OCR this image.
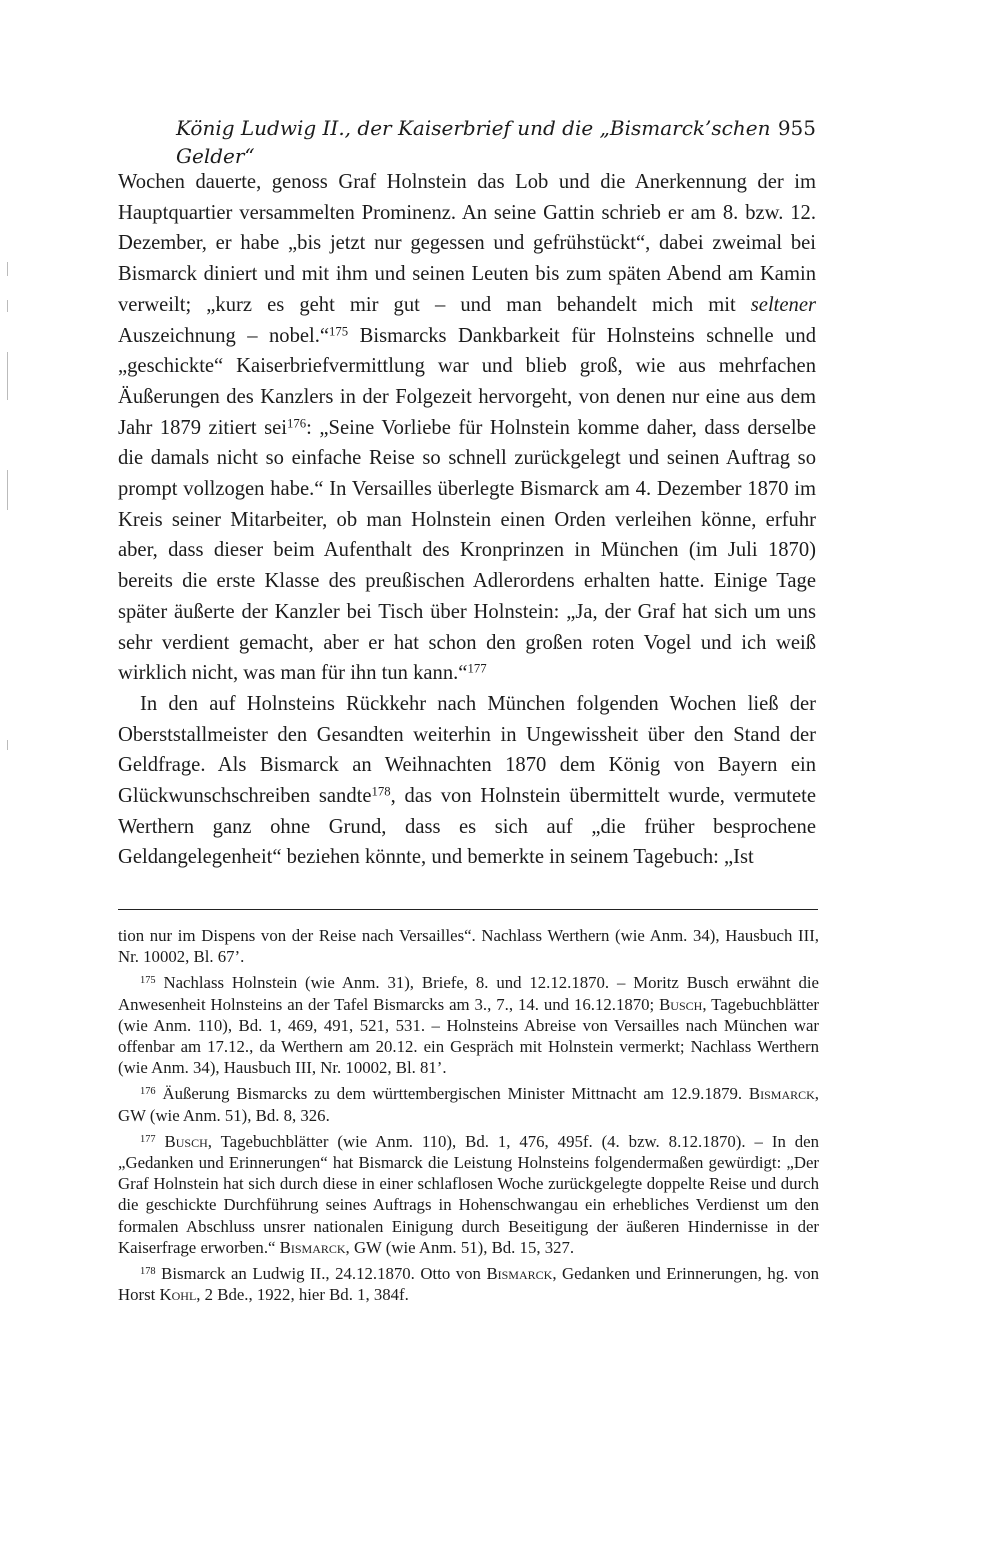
König Ludwig II., der Kaiserbrief und die „Bismarck’schen Gelder“
955

Wochen dauerte, genoss Graf Holnstein das Lob und die Anerkennung der im Hauptquartier versammelten Prominenz. An seine Gattin schrieb er am 8. bzw. 12. Dezember, er habe „bis jetzt nur gegessen und gefrühstückt“, dabei zweimal bei Bismarck diniert und mit ihm und seinen Leuten bis zum späten Abend am Kamin verweilt; „kurz es geht mir gut – und man behandelt mich mit seltener Auszeichnung – nobel.“$^{175}$ Bismarcks Dankbarkeit für Holnsteins schnelle und „geschickte“ Kaiserbriefvermittlung war und blieb groß, wie aus mehrfachen Äußerungen des Kanzlers in der Folgezeit hervorgeht, von denen nur eine aus dem Jahr 1879 zitiert sei$^{176}$: „Seine Vorliebe für Holnstein komme daher, dass derselbe die damals nicht so einfache Reise so schnell zurückgelegt und seinen Auftrag so prompt vollzogen habe.“ In Versailles überlegte Bismarck am 4. Dezember 1870 im Kreis seiner Mitarbeiter, ob man Holnstein einen Orden verleihen könne, erfuhr aber, dass dieser beim Aufenthalt des Kronprinzen in München (im Juli 1870) bereits die erste Klasse des preußischen Adlerordens erhalten hatte. Einige Tage später äußerte der Kanzler bei Tisch über Holnstein: „Ja, der Graf hat sich um uns sehr verdient gemacht, aber er hat schon den großen roten Vogel und ich weiß wirklich nicht, was man für ihn tun kann.“$^{177}$

In den auf Holnsteins Rückkehr nach München folgenden Wochen ließ der Oberststallmeister den Gesandten weiterhin in Ungewissheit über den Stand der Geldfrage. Als Bismarck an Weihnachten 1870 dem König von Bayern ein Glückwunschschreiben sandte$^{178}$, das von Holnstein übermittelt wurde, vermutete Werthern ganz ohne Grund, dass es sich auf „die früher besprochene Geldangelegenheit“ beziehen könnte, und bemerkte in seinem Tagebuch: „Ist

tion nur im Dispens von der Reise nach Versailles“. Nachlass Werthern (wie Anm. 34), Hausbuch III, Nr. 10002, Bl. 67’.

$^{175}$ Nachlass Holnstein (wie Anm. 31), Briefe, 8. und 12.12.1870. – Moritz Busch erwähnt die Anwesenheit Holnsteins an der Tafel Bismarcks am 3., 7., 14. und 16.12.1870; Busch, Tagebuchblätter (wie Anm. 110), Bd. 1, 469, 491, 521, 531. – Holnsteins Abreise von Versailles nach München war offenbar am 17.12., da Werthern am 20.12. ein Gespräch mit Holnstein vermerkt; Nachlass Werthern (wie Anm. 34), Hausbuch III, Nr. 10002, Bl. 81’.

$^{176}$ Äußerung Bismarcks zu dem württembergischen Minister Mittnacht am 12.9.1879. Bismarck, GW (wie Anm. 51), Bd. 8, 326.

$^{177}$ Busch, Tagebuchblätter (wie Anm. 110), Bd. 1, 476, 495f. (4. bzw. 8.12.1870). – In den „Gedanken und Erinnerungen“ hat Bismarck die Leistung Holnsteins folgendermaßen gewürdigt: „Der Graf Holnstein hat sich durch diese in einer schlaflosen Woche zurückgelegte doppelte Reise und durch die geschickte Durchführung seines Auftrags in Hohenschwangau ein erhebliches Verdienst um den formalen Abschluss unsrer nationalen Einigung durch Beseitigung der äußeren Hindernisse in der Kaiserfrage erworben.“ Bismarck, GW (wie Anm. 51), Bd. 15, 327.

$^{178}$ Bismarck an Ludwig II., 24.12.1870. Otto von Bismarck, Gedanken und Erinnerungen, hg. von Horst Kohl, 2 Bde., 1922, hier Bd. 1, 384f.
